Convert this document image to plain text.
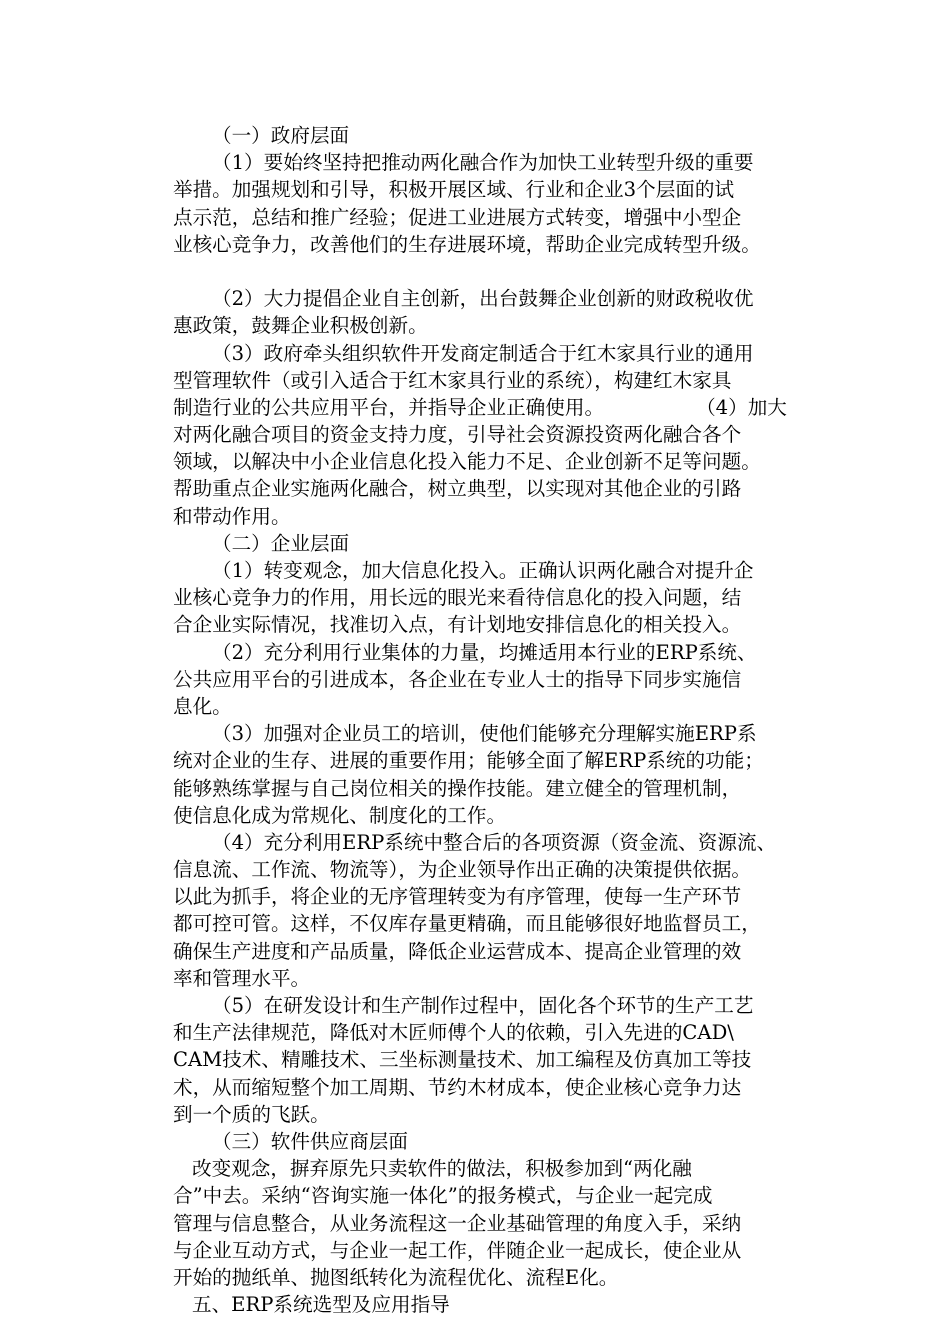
（一）政府层面
（1）要始终坚持把推动两化融合作为加快工业转型升级的重要
举措。加强规划和引导，积极开展区域、行业和企业3个层面的试
点示范，总结和推广经验；促进工业进展方式转变，增强中小型企
业核心竞争力，改善他们的生存进展环境，帮助企业完成转型升级。
（2）大力提倡企业自主创新，出台鼓舞企业创新的财政税收优
惠政策，鼓舞企业积极创新。
（3）政府牵头组织软件开发商定制适合于红木家具行业的通用
型管理软件（或引入适合于红木家具行业的系统），构建红木家具
制造行业的公共应用平台，并指导企业正确使用。	（4）加大
对两化融合项目的资金支持力度，引导社会资源投资两化融合各个
领域，以解决中小企业信息化投入能力不足、企业创新不足等问题。
帮助重点企业实施两化融合，树立典型，以实现对其他企业的引路
和带动作用。
（二）企业层面
（1）转变观念，加大信息化投入。正确认识两化融合对提升企
业核心竞争力的作用，用长远的眼光来看待信息化的投入问题，结
合企业实际情况，找准切入点，有计划地安排信息化的相关投入。
（2）充分利用行业集体的力量，均摊适用本行业的ERP系统、
公共应用平台的引进成本，各企业在专业人士的指导下同步实施信
息化。
（3）加强对企业员工的培训，使他们能够充分理解实施ERP系
统对企业的生存、进展的重要作用；能够全面了解ERP系统的功能；
能够熟练掌握与自己岗位相关的操作技能。建立健全的管理机制，
使信息化成为常规化、制度化的工作。
（4）充分利用ERP系统中整合后的各项资源（资金流、资源流、
信息流、工作流、物流等），为企业领导作出正确的决策提供依据。
以此为抓手，将企业的无序管理转变为有序管理，使每一生产环节
都可控可管。这样，不仅库存量更精确，而且能够很好地监督员工，
确保生产进度和产品质量，降低企业运营成本、提高企业管理的效
率和管理水平。
（5）在研发设计和生产制作过程中，固化各个环节的生产工艺
和生产法律规范，降低对木匠师傅个人的依赖，引入先进的CAD\
CAM技术、精雕技术、三坐标测量技术、加工编程及仿真加工等技
术，从而缩短整个加工周期、节约木材成本，使企业核心竞争力达
到一个质的飞跃。
（三）软件供应商层面
改变观念，摒弃原先只卖软件的做法，积极参加到“两化融
合”中去。采纳“咨询实施一体化”的报务模式，与企业一起完成
管理与信息整合，从业务流程这一企业基础管理的角度入手，采纳
与企业互动方式，与企业一起工作，伴随企业一起成长，使企业从
开始的抛纸单、抛图纸转化为流程优化、流程E化。
五、ERP系统选型及应用指导
